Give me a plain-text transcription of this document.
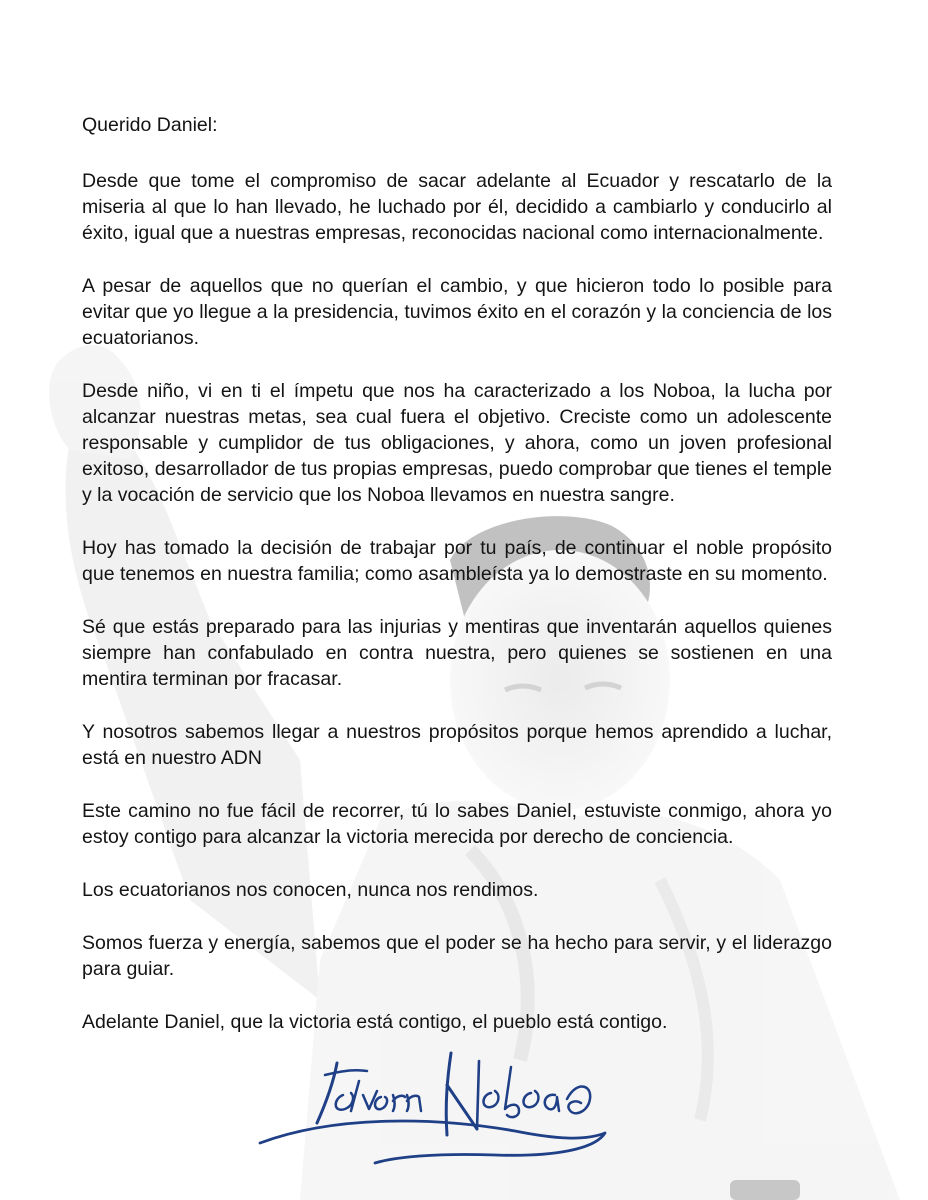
Querido Daniel:

Desde que tome el compromiso de sacar adelante al Ecuador y rescatarlo de la miseria al que lo han llevado, he luchado por él, decidido a cambiarlo y conducirlo al éxito, igual que a nuestras empresas, reconocidas nacional como internacionalmente.

A pesar de aquellos que no querían el cambio, y que hicieron todo lo posible para evitar que yo llegue a la presidencia, tuvimos éxito en el corazón y la conciencia de los ecuatorianos.

Desde niño, vi en ti el ímpetu que nos ha caracterizado a los Noboa, la lucha por alcanzar nuestras metas, sea cual fuera el objetivo. Creciste como un adolescente responsable y cumplidor de tus obligaciones, y ahora, como un joven profesional exitoso, desarrollador de tus propias empresas, puedo comprobar que tienes el temple y la vocación de servicio que los Noboa llevamos en nuestra sangre.

Hoy has tomado la decisión de trabajar por tu país, de continuar el noble propósito que tenemos en nuestra familia; como asambleísta ya lo demostraste en su momento.

Sé que estás preparado para las injurias y mentiras que inventarán aquellos quienes siempre han confabulado en contra nuestra, pero quienes se sostienen en una mentira terminan por fracasar.

Y nosotros sabemos llegar a nuestros propósitos porque hemos aprendido a luchar, está en nuestro ADN

Este camino no fue fácil de recorrer, tú lo sabes Daniel, estuviste conmigo, ahora yo estoy contigo para alcanzar la victoria merecida por derecho de conciencia.

Los ecuatorianos nos conocen, nunca nos rendimos.

Somos fuerza y energía, sabemos que el poder se ha hecho para servir, y el liderazgo para guiar.

Adelante Daniel, que la victoria está contigo, el pueblo está contigo.
